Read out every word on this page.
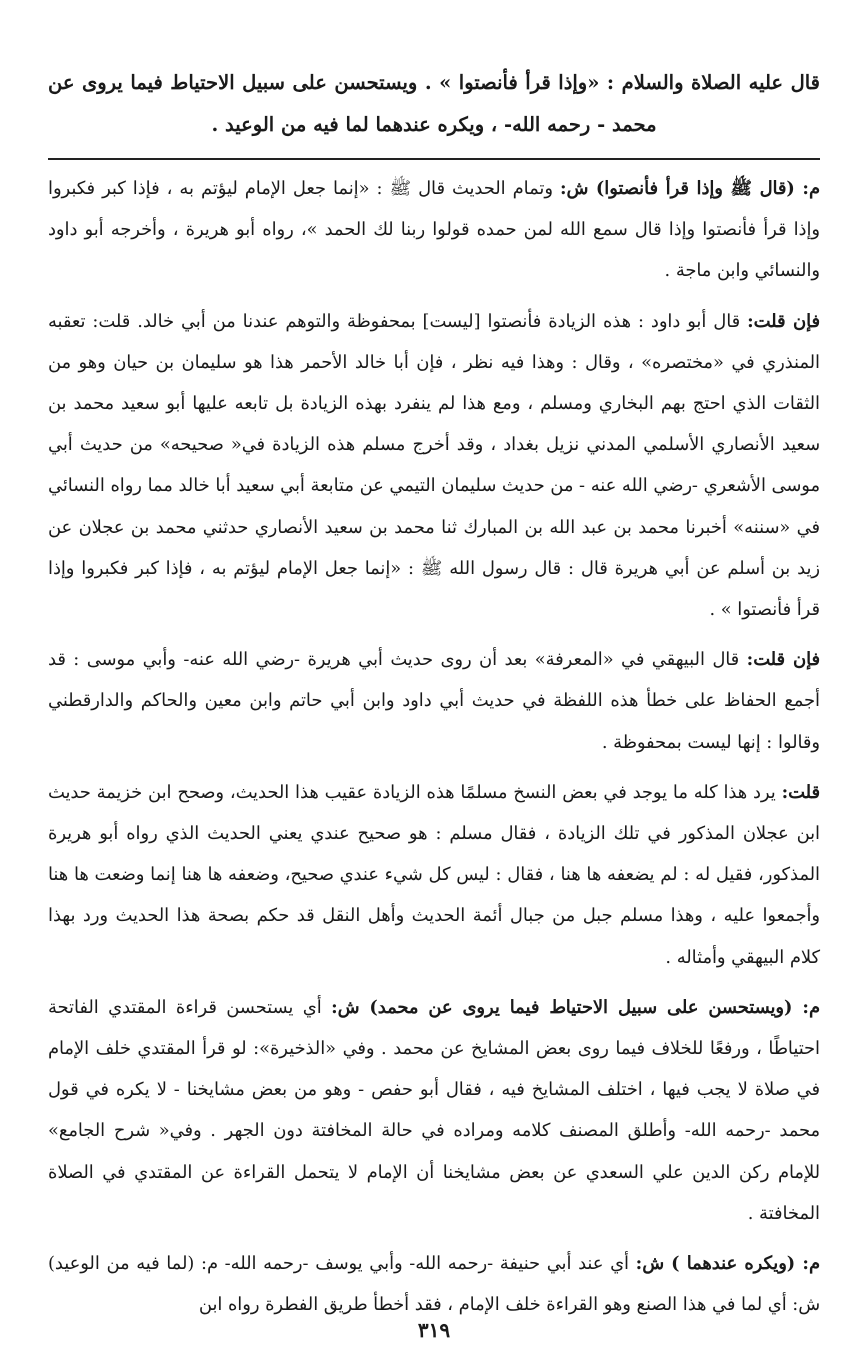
قال عليه الصلاة والسلام : «وإذا قرأ فأنصتوا » . ويستحسن على سبيل الاحتياط فيما يروى عن محمد - رحمه الله- ، ويكره عندهما لما فيه من الوعيد .

م: (قال ﷺ وإذا قرأ فأنصتوا) ش: وتمام الحديث قال ﷺ : «إنما جعل الإمام ليؤتم به ، فإذا كبر فكبروا وإذا قرأ فأنصتوا وإذا قال سمع الله لمن حمده قولوا ربنا لك الحمد »، رواه أبو هريرة ، وأخرجه أبو داود والنسائي وابن ماجة .

فإن قلت: قال أبو داود : هذه الزيادة فأنصتوا [ليست] بمحفوظة والتوهم عندنا من أبي خالد. قلت: تعقبه المنذري في «مختصره» ، وقال : وهذا فيه نظر ، فإن أبا خالد الأحمر هذا هو سليمان بن حيان وهو من الثقات الذي احتج بهم البخاري ومسلم ، ومع هذا لم ينفرد بهذه الزيادة بل تابعه عليها أبو سعيد محمد بن سعيد الأنصاري الأسلمي المدني نزيل بغداد ، وقد أخرج مسلم هذه الزيادة في« صحيحه» من حديث أبي موسى الأشعري -رضي الله عنه - من حديث سليمان التيمي عن متابعة أبي سعيد أبا خالد مما رواه النسائي في «سننه» أخبرنا محمد بن عبد الله بن المبارك ثنا محمد بن سعيد الأنصاري حدثني محمد بن عجلان عن زيد بن أسلم عن أبي هريرة قال : قال رسول الله ﷺ : «إنما جعل الإمام ليؤتم به ، فإذا كبر فكبروا وإذا قرأ فأنصتوا » .

فإن قلت: قال البيهقي في «المعرفة» بعد أن روى حديث أبي هريرة -رضي الله عنه- وأبي موسى : قد أجمع الحفاظ على خطأ هذه اللفظة في حديث أبي داود وابن أبي حاتم وابن معين والحاكم والدارقطني وقالوا : إنها ليست بمحفوظة .

قلت: يرد هذا كله ما يوجد في بعض النسخ مسلمًا هذه الزيادة عقيب هذا الحديث، وصحح ابن خزيمة حديث ابن عجلان المذكور في تلك الزيادة ، فقال مسلم : هو صحيح عندي يعني الحديث الذي رواه أبو هريرة المذكور، فقيل له : لم يضعفه ها هنا ، فقال : ليس كل شيء عندي صحيح، وضعفه ها هنا إنما وضعت ها هنا وأجمعوا عليه ، وهذا مسلم جبل من جبال أئمة الحديث وأهل النقل قد حكم بصحة هذا الحديث ورد بهذا كلام البيهقي وأمثاله .

م: (ويستحسن على سبيل الاحتياط فيما يروى عن محمد) ش: أي يستحسن قراءة المقتدي الفاتحة احتياطًا ، ورفعًا للخلاف فيما روى بعض المشايخ عن محمد . وفي «الذخيرة»: لو قرأ المقتدي خلف الإمام في صلاة لا يجب فيها ، اختلف المشايخ فيه ، فقال أبو حفص - وهو من بعض مشايخنا - لا يكره في قول محمد -رحمه الله- وأطلق المصنف كلامه ومراده في حالة المخافتة دون الجهر . وفي« شرح الجامع» للإمام ركن الدين علي السعدي عن بعض مشايخنا أن الإمام لا يتحمل القراءة عن المقتدي في الصلاة المخافتة .

م: (ويكره عندهما ) ش: أي عند أبي حنيفة -رحمه الله- وأبي يوسف -رحمه الله- م: (لما فيه من الوعيد) ش: أي لما في هذا الصنع وهو القراءة خلف الإمام ، فقد أخطأ طريق الفطرة رواه ابن

٣١٩
